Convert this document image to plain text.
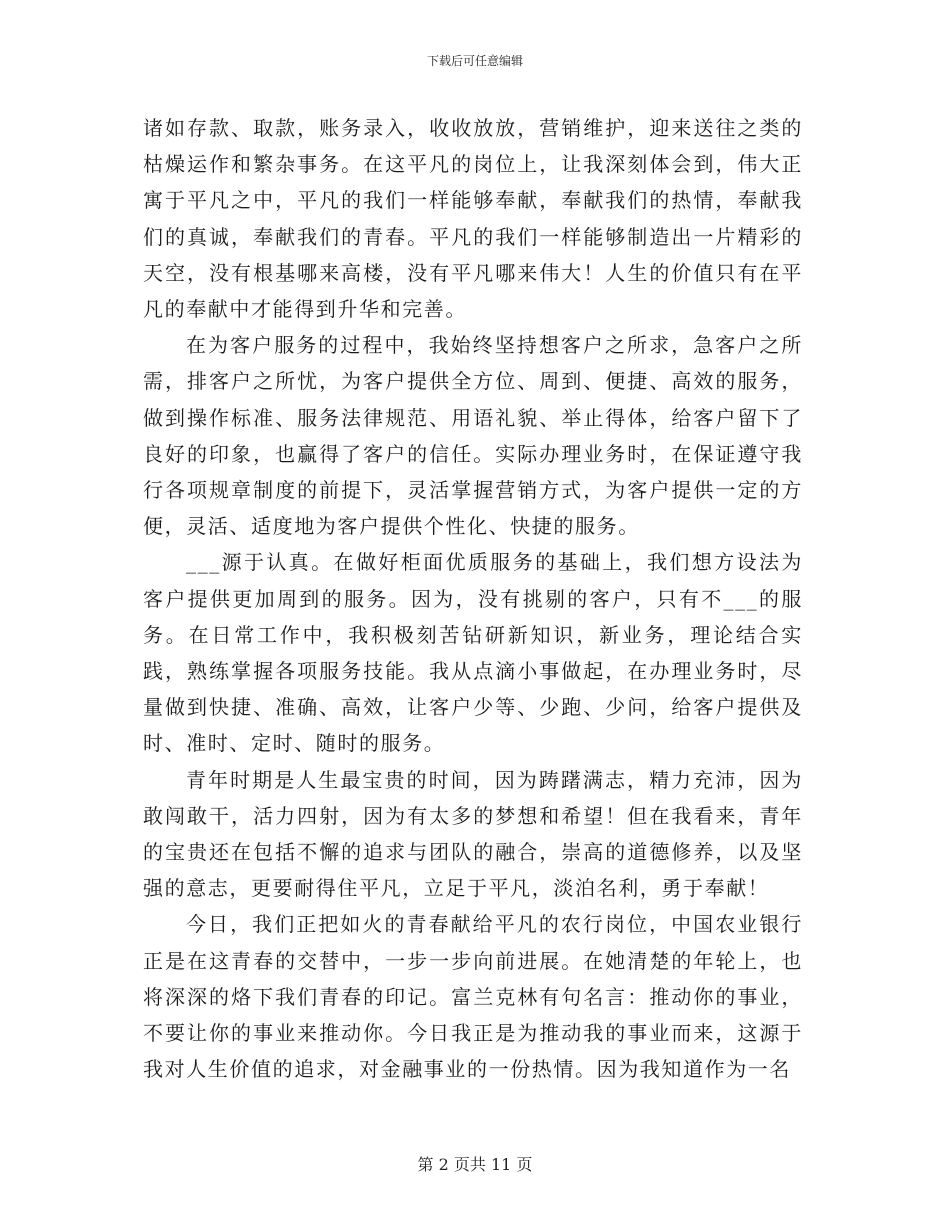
下载后可任意编辑

诸如存款、取款，账务录入，收收放放，营销维护，迎来送往之类的枯燥运作和繁杂事务。在这平凡的岗位上，让我深刻体会到，伟大正寓于平凡之中，平凡的我们一样能够奉献，奉献我们的热情，奉献我们的真诚，奉献我们的青春。平凡的我们一样能够制造出一片精彩的天空，没有根基哪来高楼，没有平凡哪来伟大！人生的价值只有在平凡的奉献中才能得到升华和完善。

在为客户服务的过程中，我始终坚持想客户之所求，急客户之所需，排客户之所忧，为客户提供全方位、周到、便捷、高效的服务，做到操作标准、服务法律规范、用语礼貌、举止得体，给客户留下了良好的印象，也赢得了客户的信任。实际办理业务时，在保证遵守我行各项规章制度的前提下，灵活掌握营销方式，为客户提供一定的方便，灵活、适度地为客户提供个性化、快捷的服务。

___源于认真。在做好柜面优质服务的基础上，我们想方设法为客户提供更加周到的服务。因为，没有挑剔的客户，只有不___的服务。在日常工作中，我积极刻苦钻研新知识，新业务，理论结合实践，熟练掌握各项服务技能。我从点滴小事做起，在办理业务时，尽量做到快捷、准确、高效，让客户少等、少跑、少问，给客户提供及时、准时、定时、随时的服务。

青年时期是人生最宝贵的时间，因为踌躇满志，精力充沛，因为敢闯敢干，活力四射，因为有太多的梦想和希望！但在我看来，青年的宝贵还在包括不懈的追求与团队的融合，崇高的道德修养，以及坚强的意志，更要耐得住平凡，立足于平凡，淡泊名利，勇于奉献！

今日，我们正把如火的青春献给平凡的农行岗位，中国农业银行正是在这青春的交替中，一步一步向前进展。在她清楚的年轮上，也将深深的烙下我们青春的印记。富兰克林有句名言：推动你的事业，不要让你的事业来推动你。今日我正是为推动我的事业而来，这源于我对人生价值的追求，对金融事业的一份热情。因为我知道作为一名

第 2 页共 11 页
